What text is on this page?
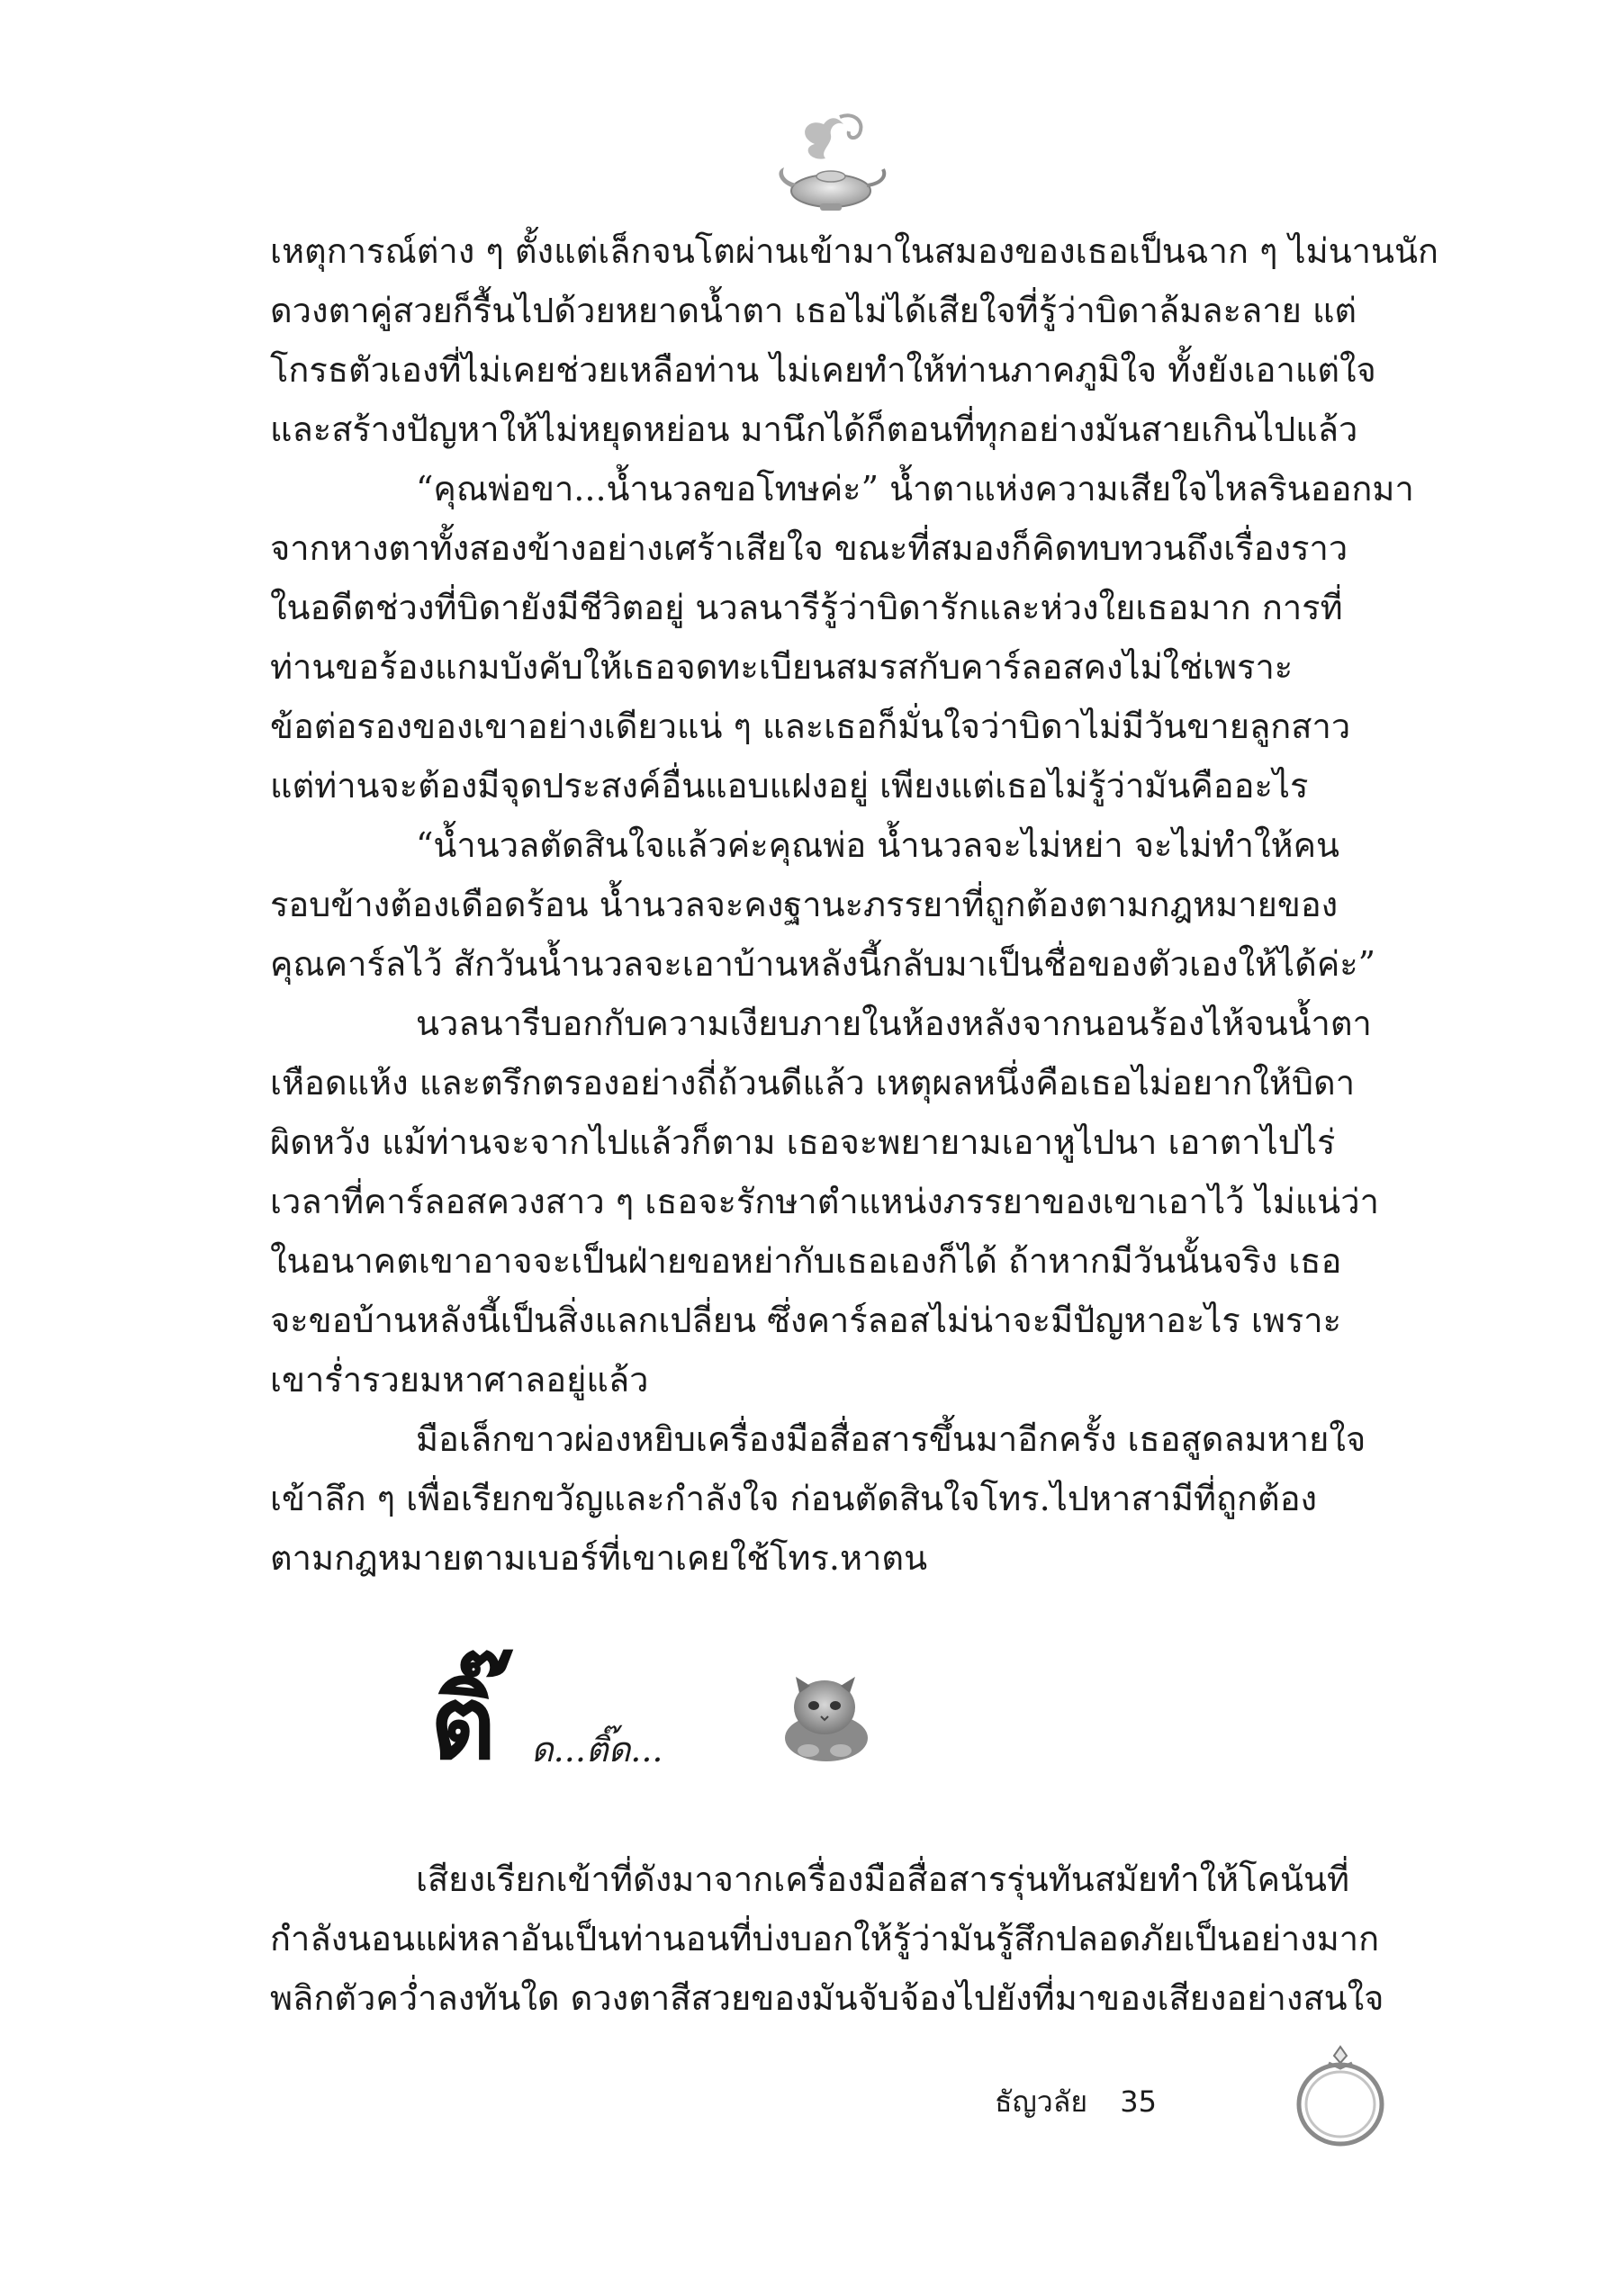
เหตุการณ์ต่าง ๆ ตั้งแต่เล็กจนโตผ่านเข้ามาในสมองของเธอเป็นฉาก ๆ ไม่นานนัก
ดวงตาคู่สวยก็รื้นไปด้วยหยาดน้ำตา เธอไม่ได้เสียใจที่รู้ว่าบิดาล้มละลาย แต่
โกรธตัวเองที่ไม่เคยช่วยเหลือท่าน ไม่เคยทำให้ท่านภาคภูมิใจ ทั้งยังเอาแต่ใจ
และสร้างปัญหาให้ไม่หยุดหย่อน มานึกได้ก็ตอนที่ทุกอย่างมันสายเกินไปแล้ว
“คุณพ่อขา...น้ำนวลขอโทษค่ะ” น้ำตาแห่งความเสียใจไหลรินออกมา
จากหางตาทั้งสองข้างอย่างเศร้าเสียใจ ขณะที่สมองก็คิดทบทวนถึงเรื่องราว
ในอดีตช่วงที่บิดายังมีชีวิตอยู่ นวลนารีรู้ว่าบิดารักและห่วงใยเธอมาก การที่
ท่านขอร้องแกมบังคับให้เธอจดทะเบียนสมรสกับคาร์ลอสคงไม่ใช่เพราะ
ข้อต่อรองของเขาอย่างเดียวแน่ ๆ และเธอก็มั่นใจว่าบิดาไม่มีวันขายลูกสาว
แต่ท่านจะต้องมีจุดประสงค์อื่นแอบแฝงอยู่ เพียงแต่เธอไม่รู้ว่ามันคืออะไร
“น้ำนวลตัดสินใจแล้วค่ะคุณพ่อ น้ำนวลจะไม่หย่า จะไม่ทำให้คน
รอบข้างต้องเดือดร้อน น้ำนวลจะคงฐานะภรรยาที่ถูกต้องตามกฎหมายของ
คุณคาร์ลไว้ สักวันน้ำนวลจะเอาบ้านหลังนี้กลับมาเป็นชื่อของตัวเองให้ได้ค่ะ”
นวลนารีบอกกับความเงียบภายในห้องหลังจากนอนร้องไห้จนน้ำตา
เหือดแห้ง และตรึกตรองอย่างถี่ถ้วนดีแล้ว เหตุผลหนึ่งคือเธอไม่อยากให้บิดา
ผิดหวัง แม้ท่านจะจากไปแล้วก็ตาม เธอจะพยายามเอาหูไปนา เอาตาไปไร่
เวลาที่คาร์ลอสควงสาว ๆ เธอจะรักษาตำแหน่งภรรยาของเขาเอาไว้ ไม่แน่ว่า
ในอนาคตเขาอาจจะเป็นฝ่ายขอหย่ากับเธอเองก็ได้ ถ้าหากมีวันนั้นจริง เธอ
จะขอบ้านหลังนี้เป็นสิ่งแลกเปลี่ยน ซึ่งคาร์ลอสไม่น่าจะมีปัญหาอะไร เพราะ
เขาร่ำรวยมหาศาลอยู่แล้ว
มือเล็กขาวผ่องหยิบเครื่องมือสื่อสารขึ้นมาอีกครั้ง เธอสูดลมหายใจ
เข้าลึก ๆ เพื่อเรียกขวัญและกำลังใจ ก่อนตัดสินใจโทร.ไปหาสามีที่ถูกต้อง
ตามกฎหมายตามเบอร์ที่เขาเคยใช้โทร.หาตน
ติ๊ ด...ติ๊ด...
เสียงเรียกเข้าที่ดังมาจากเครื่องมือสื่อสารรุ่นทันสมัยทำให้โคนันที่
กำลังนอนแผ่หลาอันเป็นท่านอนที่บ่งบอกให้รู้ว่ามันรู้สึกปลอดภัยเป็นอย่างมาก
พลิกตัวคว่ำลงทันใด ดวงตาสีสวยของมันจับจ้องไปยังที่มาของเสียงอย่างสนใจ
ธัญวลัย 35
